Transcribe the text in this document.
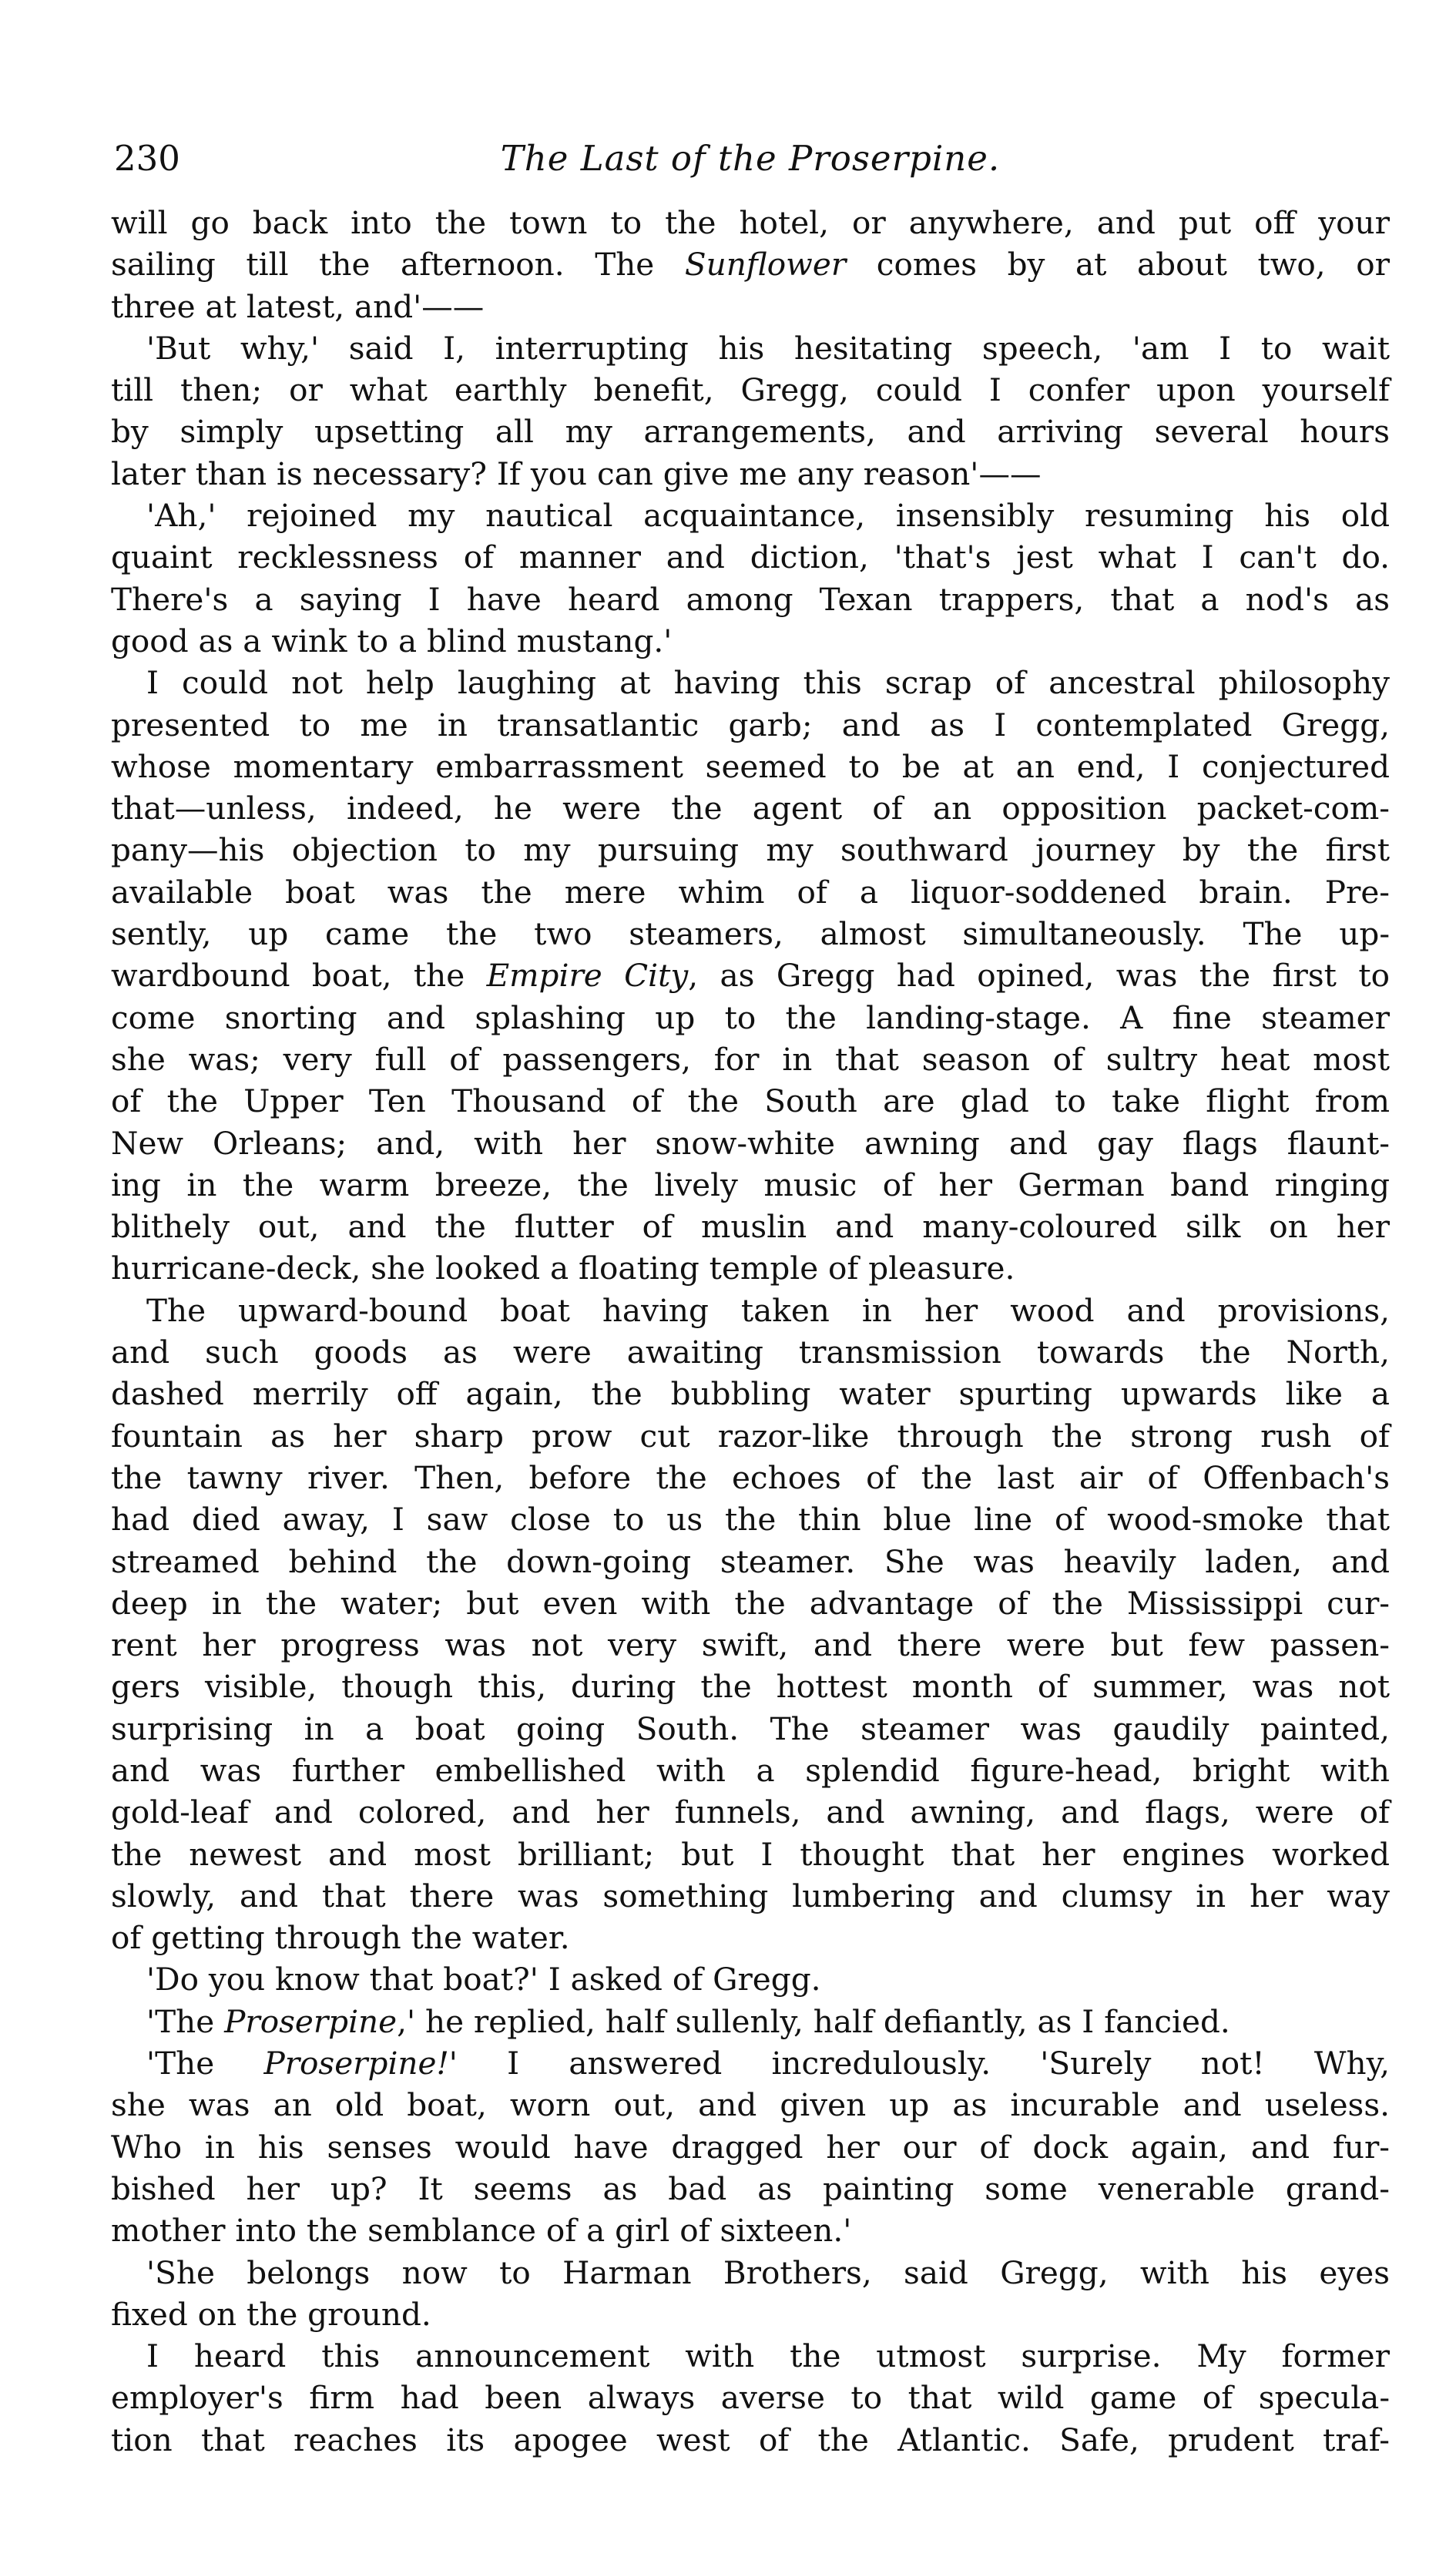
230	The Last of the Proserpine.

will go back into the town to the hotel, or anywhere, and put off your

sailing till the afternoon. The Sunflower comes by at about two, or

three at latest, and'——

'But why,' said I, interrupting his hesitating speech, 'am I to wait

till then; or what earthly benefit, Gregg, could I confer upon yourself

by simply upsetting all my arrangements, and arriving several hours

later than is necessary? If you can give me any reason'——

'Ah,' rejoined my nautical acquaintance, insensibly resuming his old

quaint recklessness of manner and diction, 'that's jest what I can't do.

There's a saying I have heard among Texan trappers, that a nod's as

good as a wink to a blind mustang.'

I could not help laughing at having this scrap of ancestral philosophy

presented to me in transatlantic garb; and as I contemplated Gregg,

whose momentary embarrassment seemed to be at an end, I conjectured

that—unless, indeed, he were the agent of an opposition packet-com-

pany—his objection to my pursuing my southward journey by the first

available boat was the mere whim of a liquor-soddened brain. Pre-

sently, up came the two steamers, almost simultaneously. The up-

wardbound boat, the Empire City, as Gregg had opined, was the first to

come snorting and splashing up to the landing-stage. A fine steamer

she was; very full of passengers, for in that season of sultry heat most

of the Upper Ten Thousand of the South are glad to take flight from

New Orleans; and, with her snow-white awning and gay flags flaunt-

ing in the warm breeze, the lively music of her German band ringing

blithely out, and the flutter of muslin and many-coloured silk on her

hurricane-deck, she looked a floating temple of pleasure.

The upward-bound boat having taken in her wood and provisions,

and such goods as were awaiting transmission towards the North,

dashed merrily off again, the bubbling water spurting upwards like a

fountain as her sharp prow cut razor-like through the strong rush of

the tawny river. Then, before the echoes of the last air of Offenbach's

had died away, I saw close to us the thin blue line of wood-smoke that

streamed behind the down-going steamer. She was heavily laden, and

deep in the water; but even with the advantage of the Mississippi cur-

rent her progress was not very swift, and there were but few passen-

gers visible, though this, during the hottest month of summer, was not

surprising in a boat going South. The steamer was gaudily painted,

and was further embellished with a splendid figure-head, bright with

gold-leaf and colored, and her funnels, and awning, and flags, were of

the newest and most brilliant; but I thought that her engines worked

slowly, and that there was something lumbering and clumsy in her way

of getting through the water.

'Do you know that boat?' I asked of Gregg.

'The Proserpine,' he replied, half sullenly, half defiantly, as I fancied.

'The Proserpine!' I answered incredulously. 'Surely not! Why,

she was an old boat, worn out, and given up as incurable and useless.

Who in his senses would have dragged her our of dock again, and fur-

bished her up? It seems as bad as painting some venerable grand-

mother into the semblance of a girl of sixteen.'

'She belongs now to Harman Brothers, said Gregg, with his eyes

fixed on the ground.

I heard this announcement with the utmost surprise. My former

employer's firm had been always averse to that wild game of specula-

tion that reaches its apogee west of the Atlantic. Safe, prudent traf-
